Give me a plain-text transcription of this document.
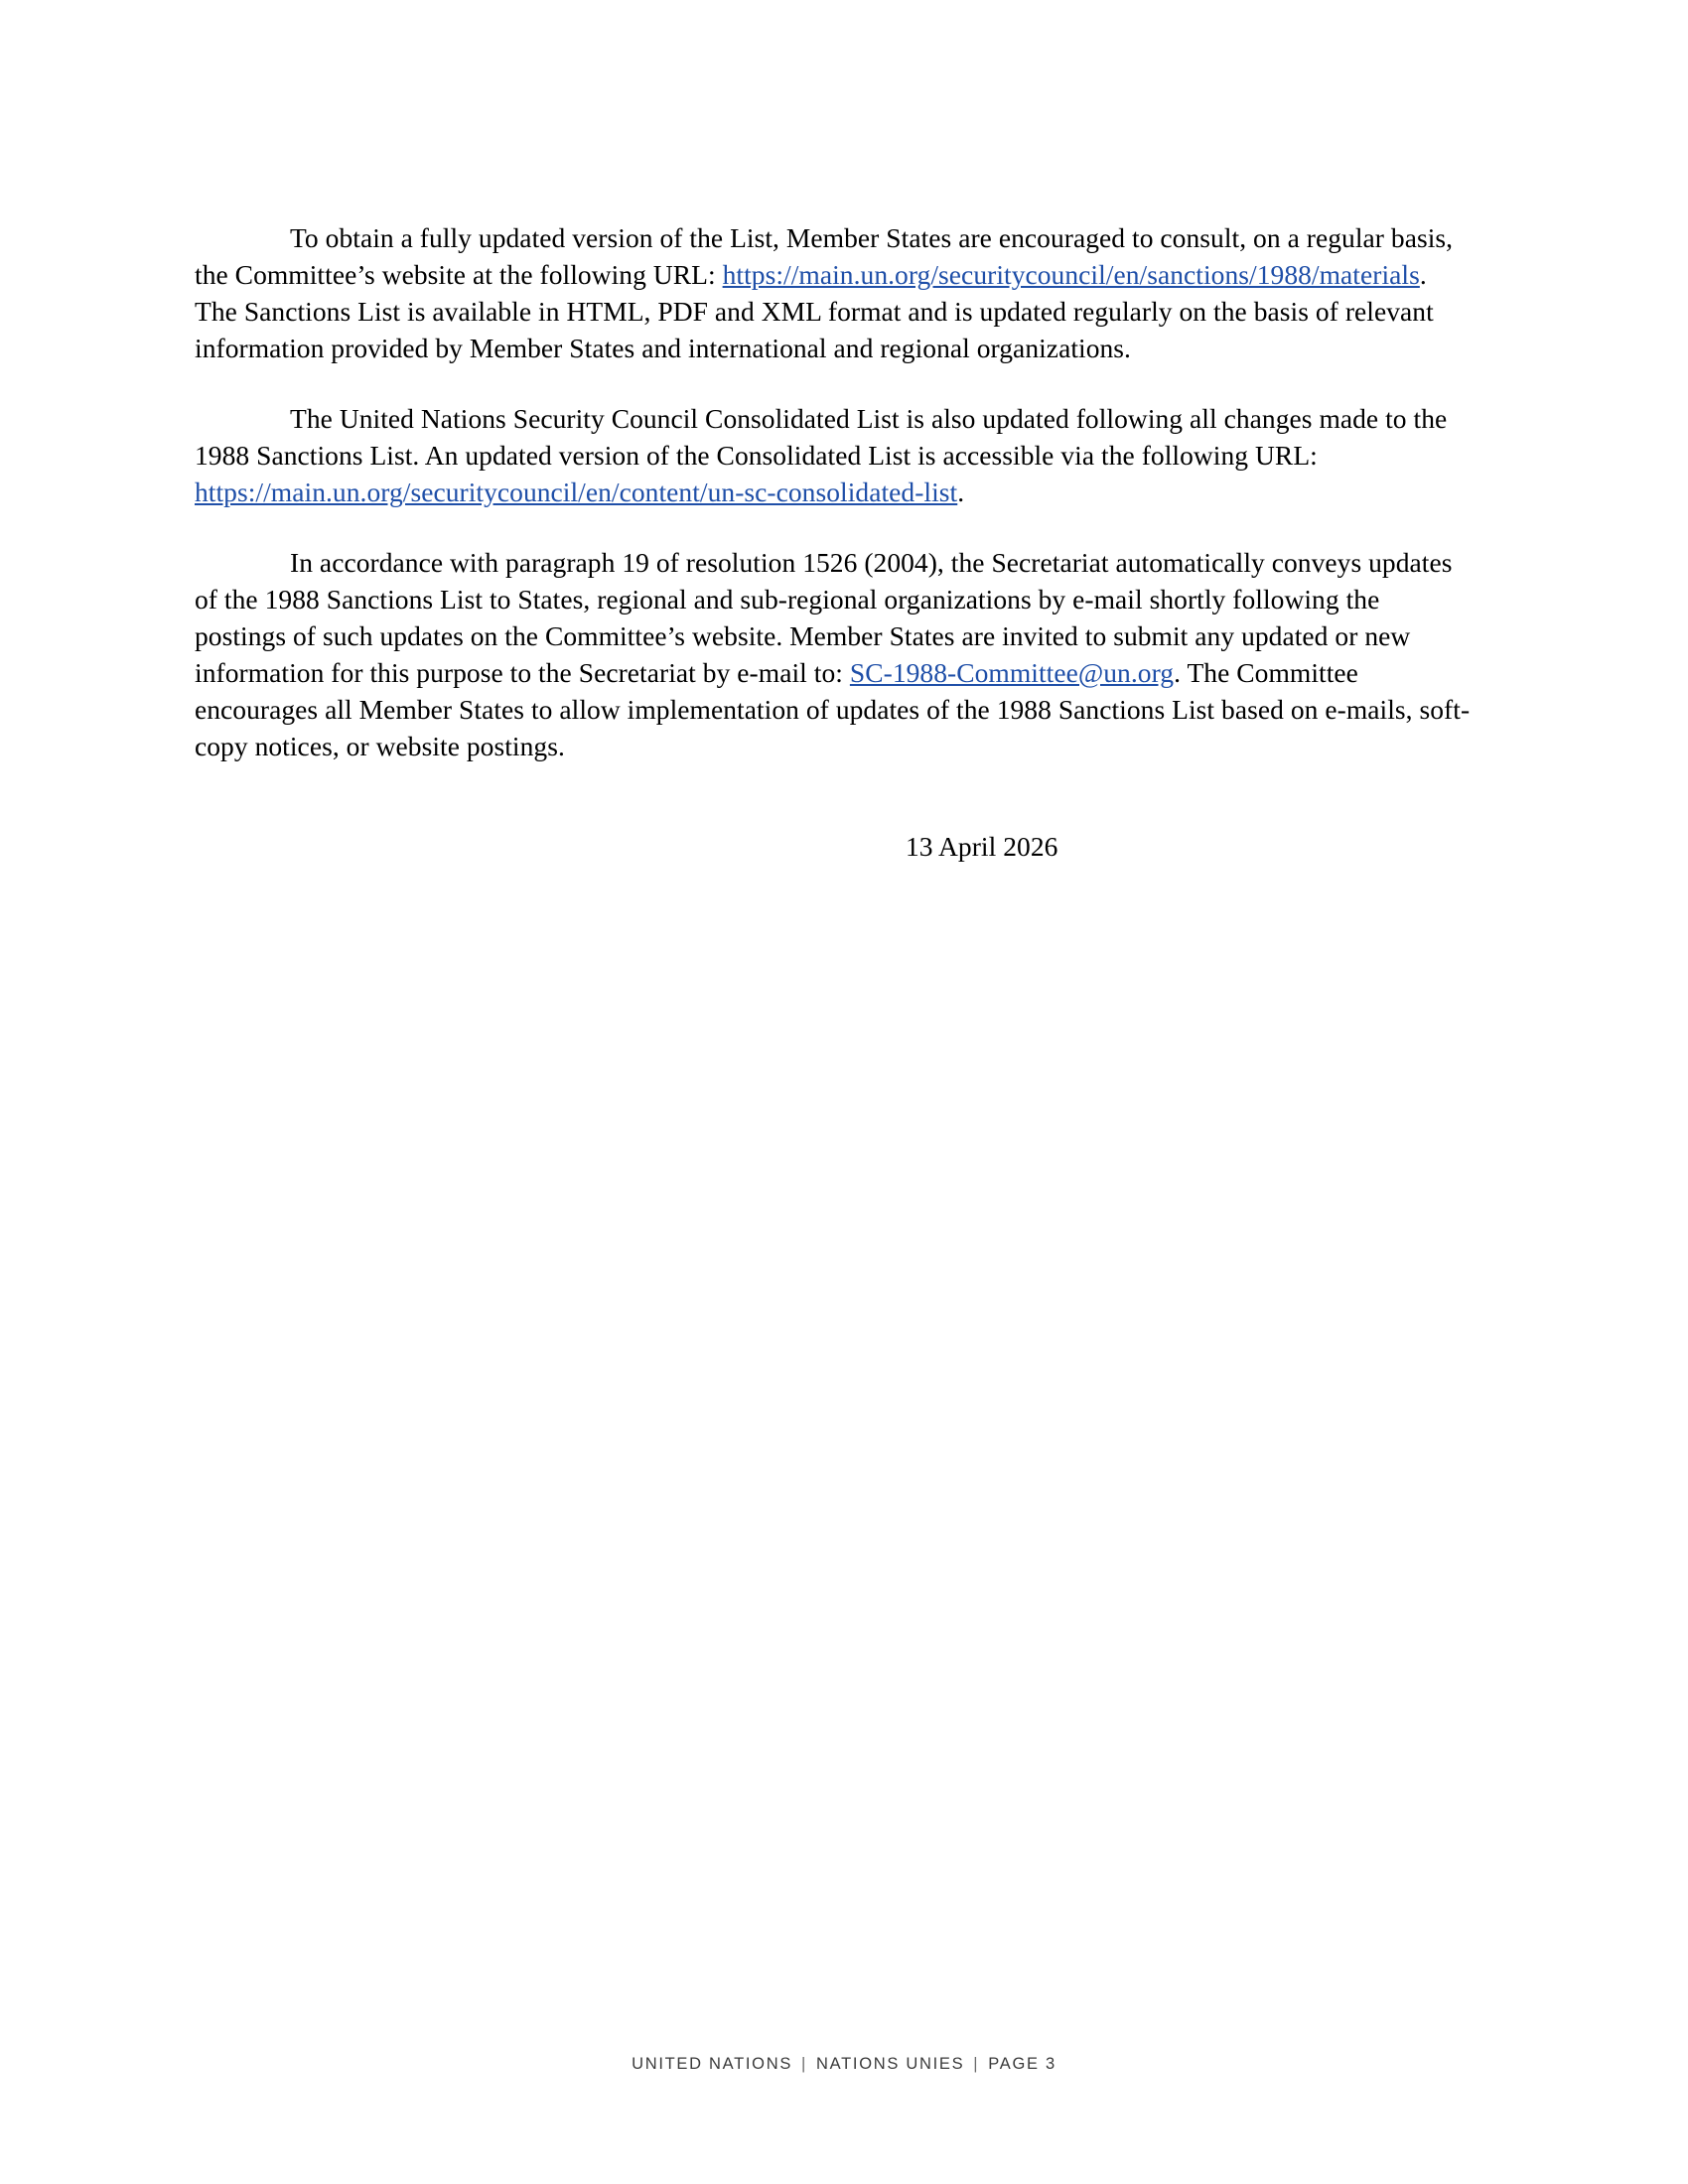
To obtain a fully updated version of the List, Member States are encouraged to consult, on a regular basis, the Committee’s website at the following URL: https://main.un.org/securitycouncil/en/sanctions/1988/materials. The Sanctions List is available in HTML, PDF and XML format and is updated regularly on the basis of relevant information provided by Member States and international and regional organizations.

The United Nations Security Council Consolidated List is also updated following all changes made to the 1988 Sanctions List. An updated version of the Consolidated List is accessible via the following URL: https://main.un.org/securitycouncil/en/content/un-sc-consolidated-list.

In accordance with paragraph 19 of resolution 1526 (2004), the Secretariat automatically conveys updates of the 1988 Sanctions List to States, regional and sub-regional organizations by e-mail shortly following the postings of such updates on the Committee’s website. Member States are invited to submit any updated or new information for this purpose to the Secretariat by e-mail to: SC-1988-Committee@un.org. The Committee encourages all Member States to allow implementation of updates of the 1988 Sanctions List based on e-mails, soft-copy notices, or website postings.

13 April 2026

UNITED NATIONS | NATIONS UNIES | PAGE 3
